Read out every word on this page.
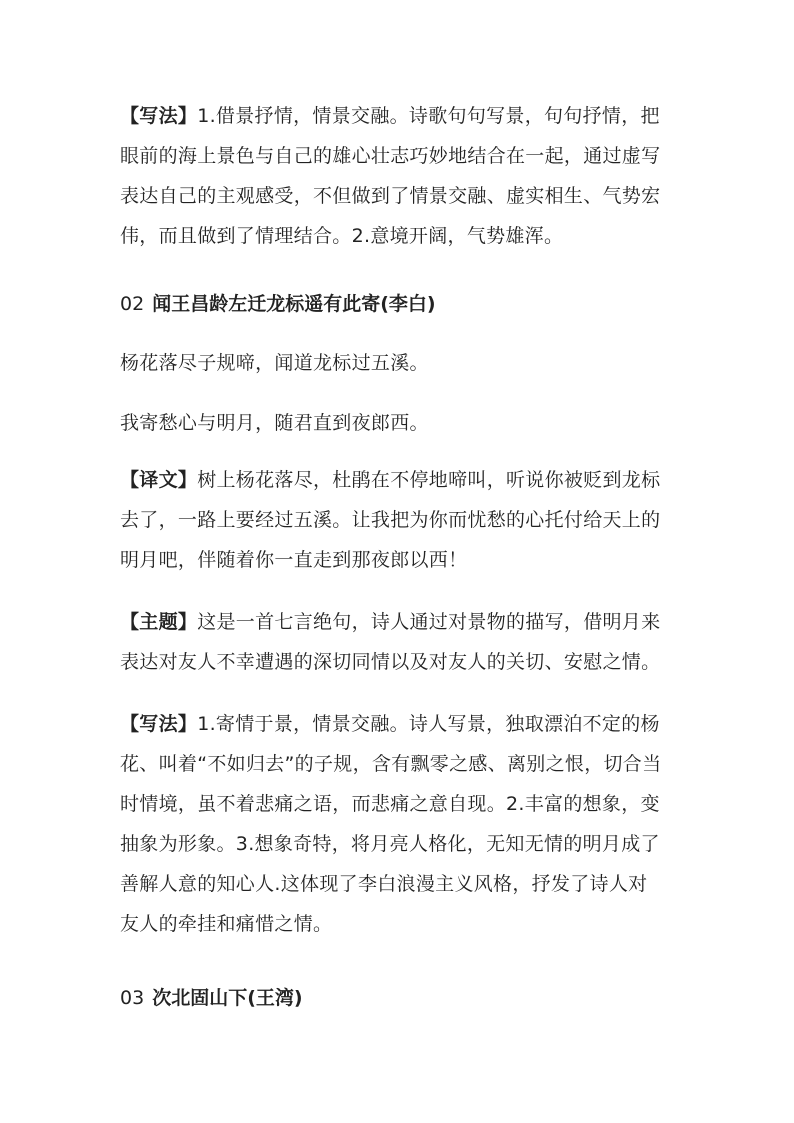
【写法】1.借景抒情，情景交融。诗歌句句写景，句句抒情，把
眼前的海上景色与自己的雄心壮志巧妙地结合在一起，通过虚写
表达自己的主观感受，不但做到了情景交融、虚实相生、气势宏
伟，而且做到了情理结合。2.意境开阔，气势雄浑。

02 闻王昌龄左迁龙标遥有此寄(李白)

杨花落尽子规啼，闻道龙标过五溪。

我寄愁心与明月，随君直到夜郎西。

【译文】树上杨花落尽，杜鹃在不停地啼叫，听说你被贬到龙标
去了，一路上要经过五溪。让我把为你而忧愁的心托付给天上的
明月吧，伴随着你一直走到那夜郎以西！

【主题】这是一首七言绝句，诗人通过对景物的描写，借明月来
表达对友人不幸遭遇的深切同情以及对友人的关切、安慰之情。

【写法】1.寄情于景，情景交融。诗人写景，独取漂泊不定的杨
花、叫着“不如归去”的子规，含有飘零之感、离别之恨，切合当
时情境，虽不着悲痛之语，而悲痛之意自现。2.丰富的想象，变
抽象为形象。3.想象奇特，将月亮人格化，无知无情的明月成了
善解人意的知心人.这体现了李白浪漫主义风格，抒发了诗人对
友人的牵挂和痛惜之情。

03 次北固山下(王湾)
